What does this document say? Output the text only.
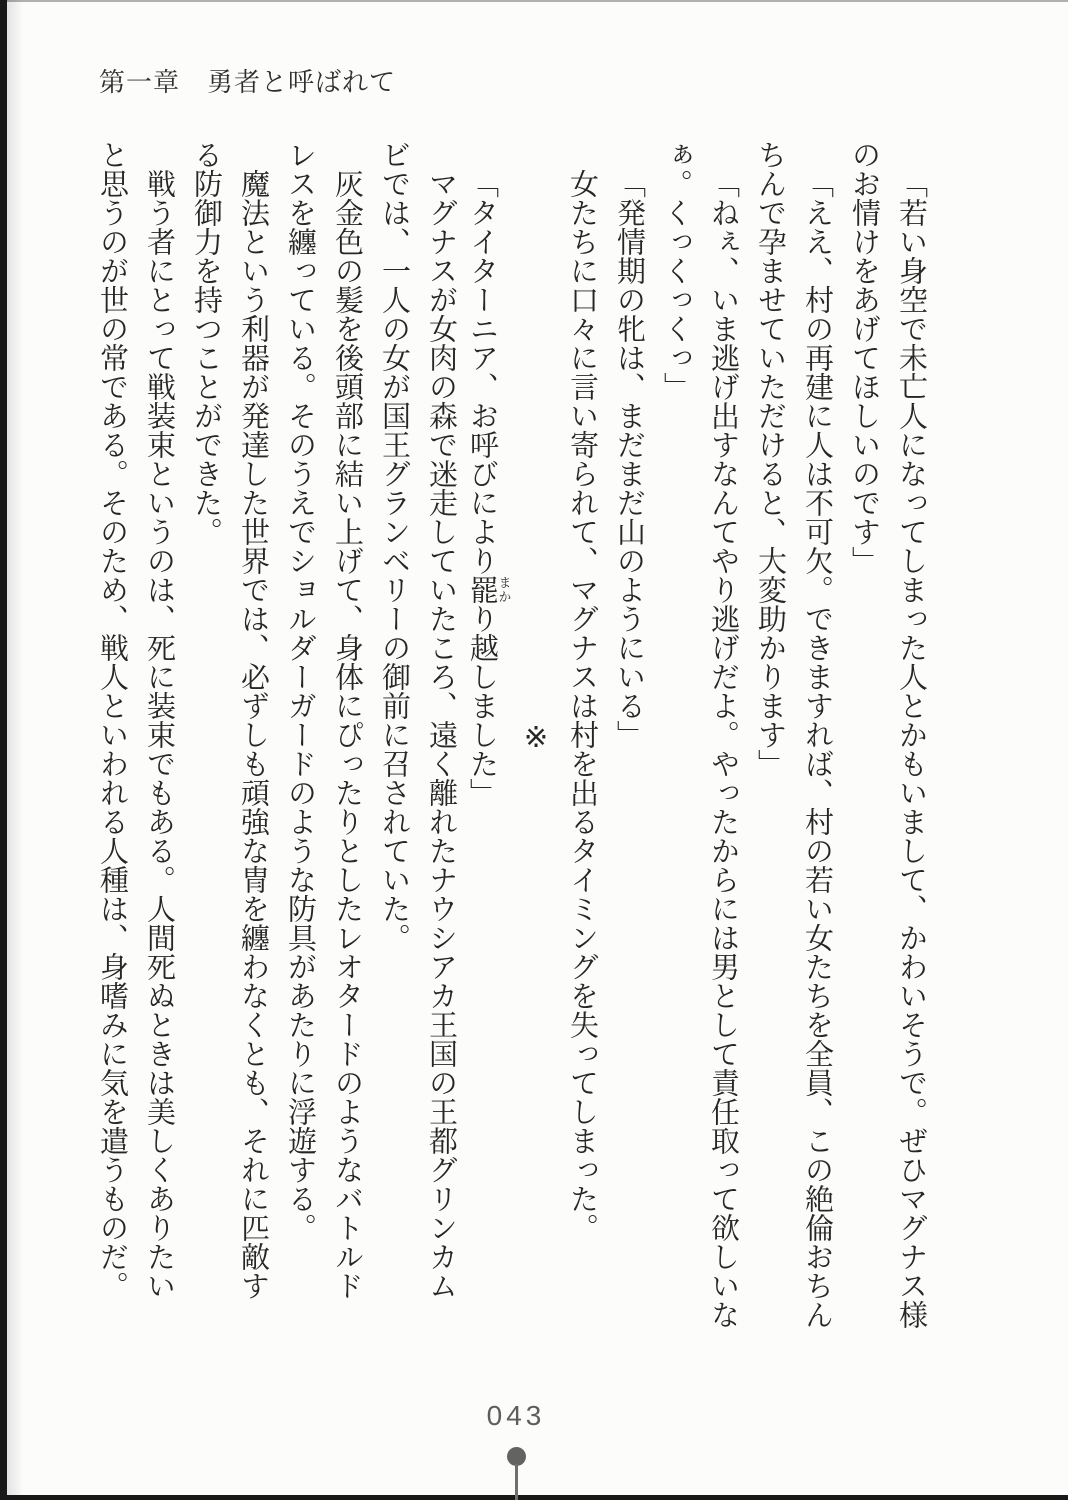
第一章　勇者と呼ばれて

「若い身空で未亡人になってしまった人とかもいまして、かわいそうで。ぜひマグナス様

のお情けをあげてほしいのです」

「ええ、村の再建に人は不可欠。できますれば、村の若い女たちを全員、この絶倫おちん

ちんで孕ませていただけると、大変助かります」

「ねぇ、いま逃げ出すなんてやり逃げだよ。やったからには男として責任取って欲しいな

ぁ。くっくっくっ」

「発情期の牝は、まだまだ山のようにいる」

女たちに口々に言い寄られて、マグナスは村を出るタイミングを失ってしまった。

※

「タイターニア、お呼びにより罷まかり越しました」

マグナスが女肉の森で迷走していたころ、遠く離れたナウシアカ王国の王都グリンカム

ビでは、一人の女が国王グランベリーの御前に召されていた。

灰金色の髪を後頭部に結い上げて、身体にぴったりとしたレオタードのようなバトルド

レスを纏っている。そのうえでショルダーガードのような防具があたりに浮遊する。

魔法という利器が発達した世界では、必ずしも頑強な冑を纏わなくとも、それに匹敵す

る防御力を持つことができた。

戦う者にとって戦装束というのは、死に装束でもある。人間死ぬときは美しくありたい

と思うのが世の常である。そのため、戦人といわれる人種は、身嗜みに気を遣うものだ。

043
